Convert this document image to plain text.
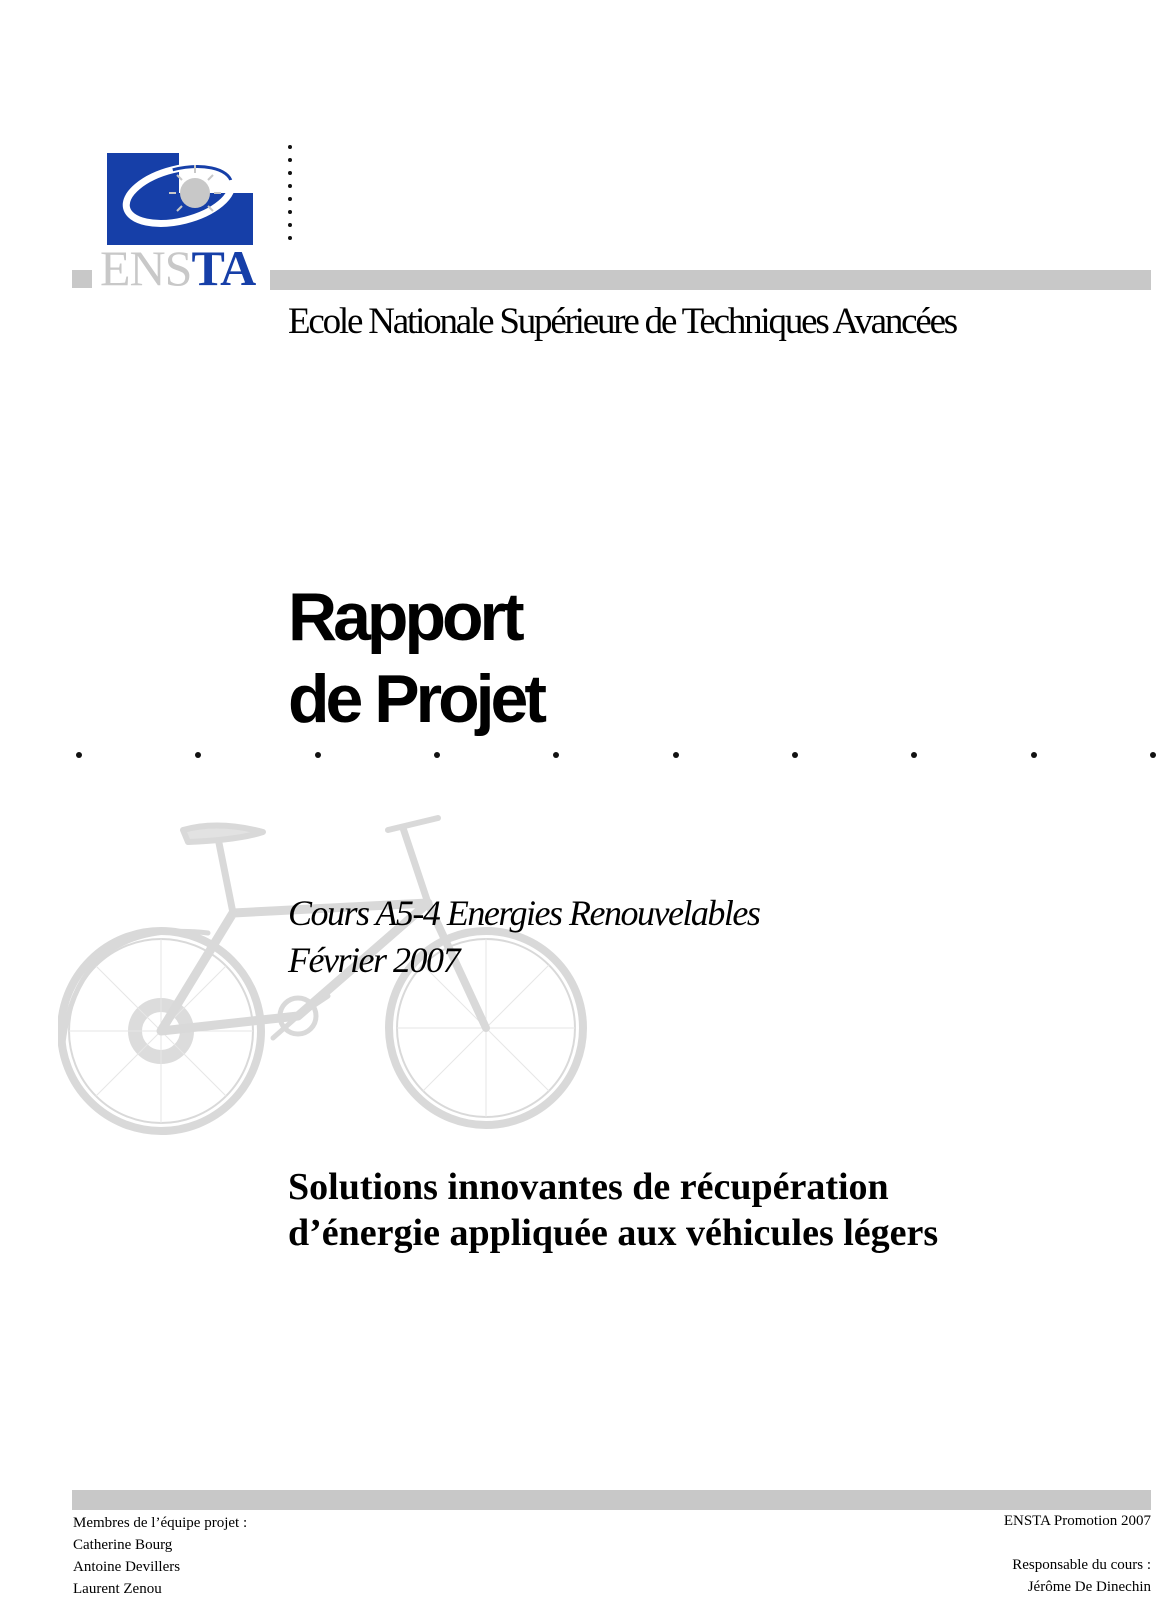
ENSTA
Ecole Nationale Supérieure de Techniques Avancées
Rapport
de Projet
Cours A5-4 Energies Renouvelables
Février 2007
Solutions innovantes de récupération
d’énergie appliquée aux véhicules légers
Membres de l’équipe projet :
Catherine Bourg
Antoine Devillers
Laurent Zenou
ENSTA Promotion 2007
Responsable du cours :
Jérôme De Dinechin
